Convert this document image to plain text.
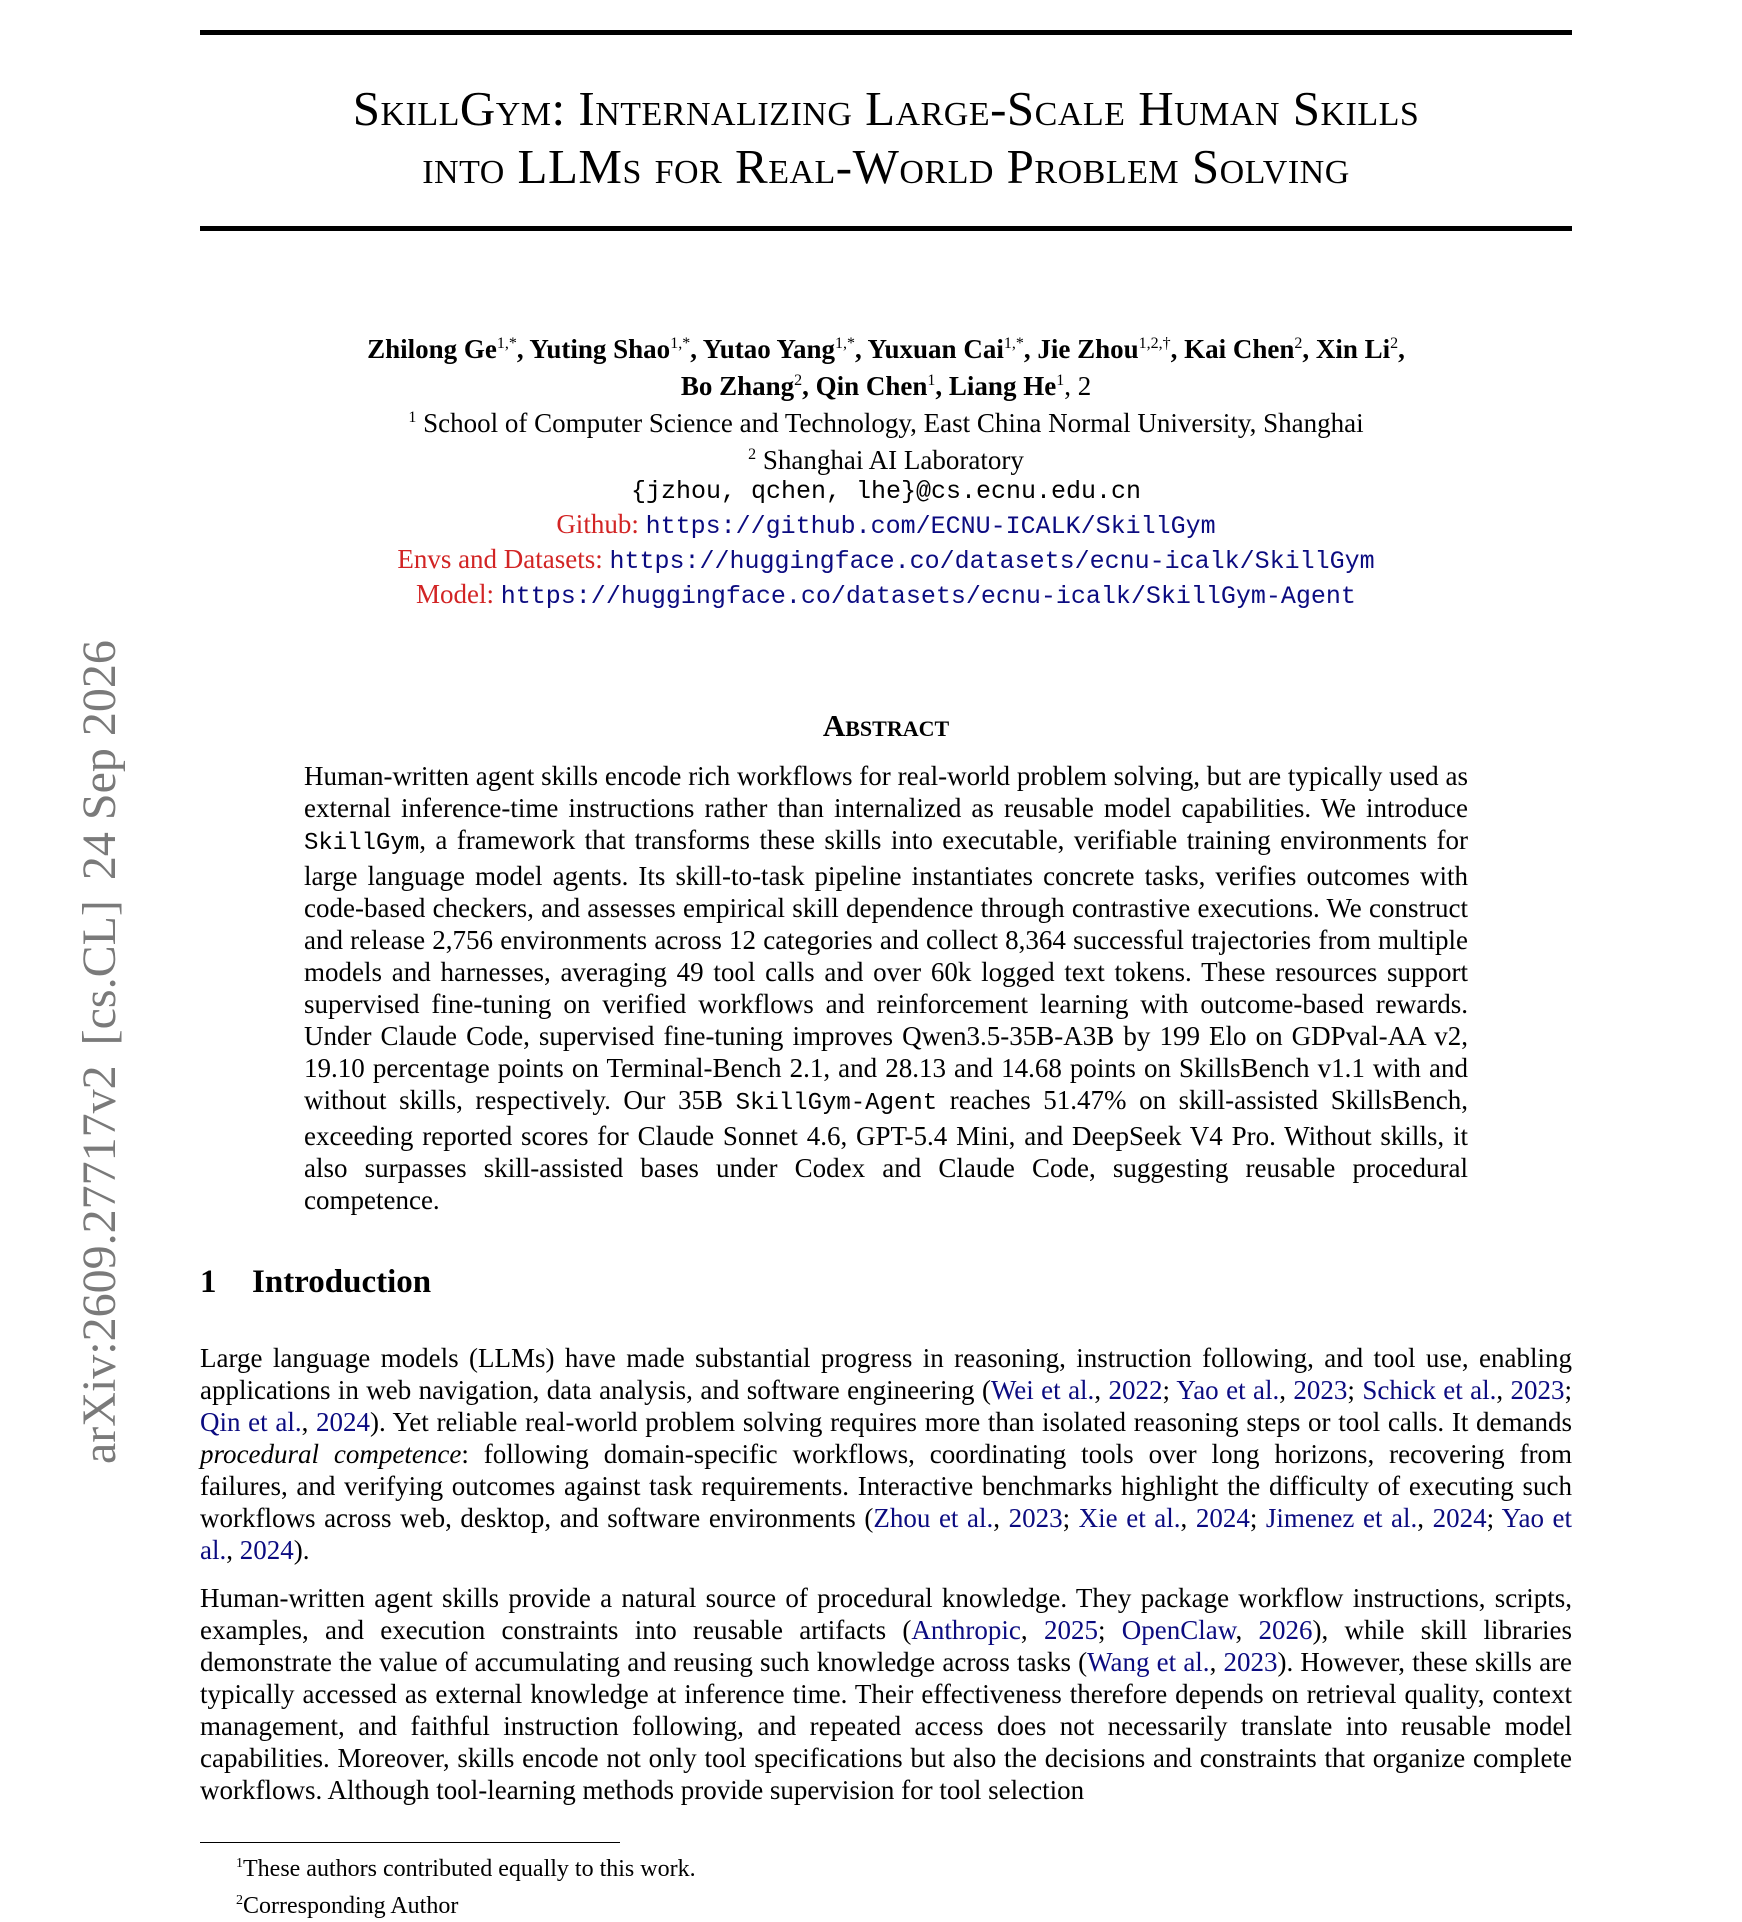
arXiv:2609.27717v2[cs.CL]24 Sep 2026
SkillGym: Internalizing Large-Scale Human Skills
into LLMs for Real-World Problem Solving
Zhilong $Ge^{1,*}$, Yuting Shao$^{1,*}$, Yutao Yang$^{1,*}$, Yuxuan Cai$^{1,*}$, Jie Zhou$^{1,2,\dagger}$, Kai Chen$^2$, Xin Li$^2$,
Bo Zhang$^2$, Qin Chen$^1$, Liang He$^1$, 2
$^1$ School of Computer Science and Technology, East China Normal University, Shanghai
$^2$ Shanghai AI Laboratory
{jzhou, qchen, lhe}@cs.ecnu.edu.cn
Github: https://github.com/ECNU-ICALK/SkillGym
Envs and Datasets: https://huggingface.co/datasets/ecnu-icalk/SkillGym
Model: https://huggingface.co/datasets/ecnu-icalk/SkillGym-Agent
Abstract
Human-written agent skills encode rich workflows for real-world problem solving, but are typically used as external inference-time instructions rather than internalized as reusable model capabilities. We introduce SkillGym, a framework that transforms these skills into executable, verifiable training environments for large language model agents. Its skill-to-task pipeline instantiates concrete tasks, verifies outcomes with code-based checkers, and assesses empirical skill dependence through contrastive executions. We construct and release 2,756 environments across 12 categories and collect 8,364 successful trajectories from multiple models and harnesses, averaging 49 tool calls and over 60k logged text tokens. These resources support supervised fine-tuning on verified workflows and reinforcement learning with outcome-based rewards. Under Claude Code, supervised fine-tuning improves Qwen3.5-35B-A3B by 199 Elo on GDPval-AA v2, 19.10 percentage points on Terminal-Bench 2.1, and 28.13 and 14.68 points on SkillsBench v1.1 with and without skills, respectively. Our 35B SkillGym-Agent reaches 51.47% on skill-assisted SkillsBench, exceeding reported scores for Claude Sonnet 4.6, GPT-5.4 Mini, and DeepSeek V4 Pro. Without skills, it also surpasses skill-assisted bases under Codex and Claude Code, suggesting reusable procedural competence.
1 Introduction
Large language models (LLMs) have made substantial progress in reasoning, instruction following, and tool use, enabling applications in web navigation, data analysis, and software engineering (Wei et al., 2022; Yao et al., 2023; Schick et al., 2023; Qin et al., 2024). Yet reliable real-world problem solving requires more than isolated reasoning steps or tool calls. It demands procedural competence: following domain-specific workflows, coordinating tools over long horizons, recovering from failures, and verifying outcomes against task requirements. Interactive benchmarks highlight the difficulty of executing such workflows across web, desktop, and software environments (Zhou et al., 2023; Xie et al., 2024; Jimenez et al., 2024; Yao et al., 2024).
Human-written agent skills provide a natural source of procedural knowledge. They package workflow instructions, scripts, examples, and execution constraints into reusable artifacts (Anthropic, 2025; OpenClaw, 2026), while skill libraries demonstrate the value of accumulating and reusing such knowledge across tasks (Wang et al., 2023). However, these skills are typically accessed as external knowledge at inference time. Their effectiveness therefore depends on retrieval quality, context management, and faithful instruction following, and repeated access does not necessarily translate into reusable model capabilities. Moreover, skills encode not only tool specifications but also the decisions and constraints that organize complete workflows. Although tool-learning methods provide supervision for tool selection
$^1$These authors contributed equally to this work.
$^2$Corresponding Author
